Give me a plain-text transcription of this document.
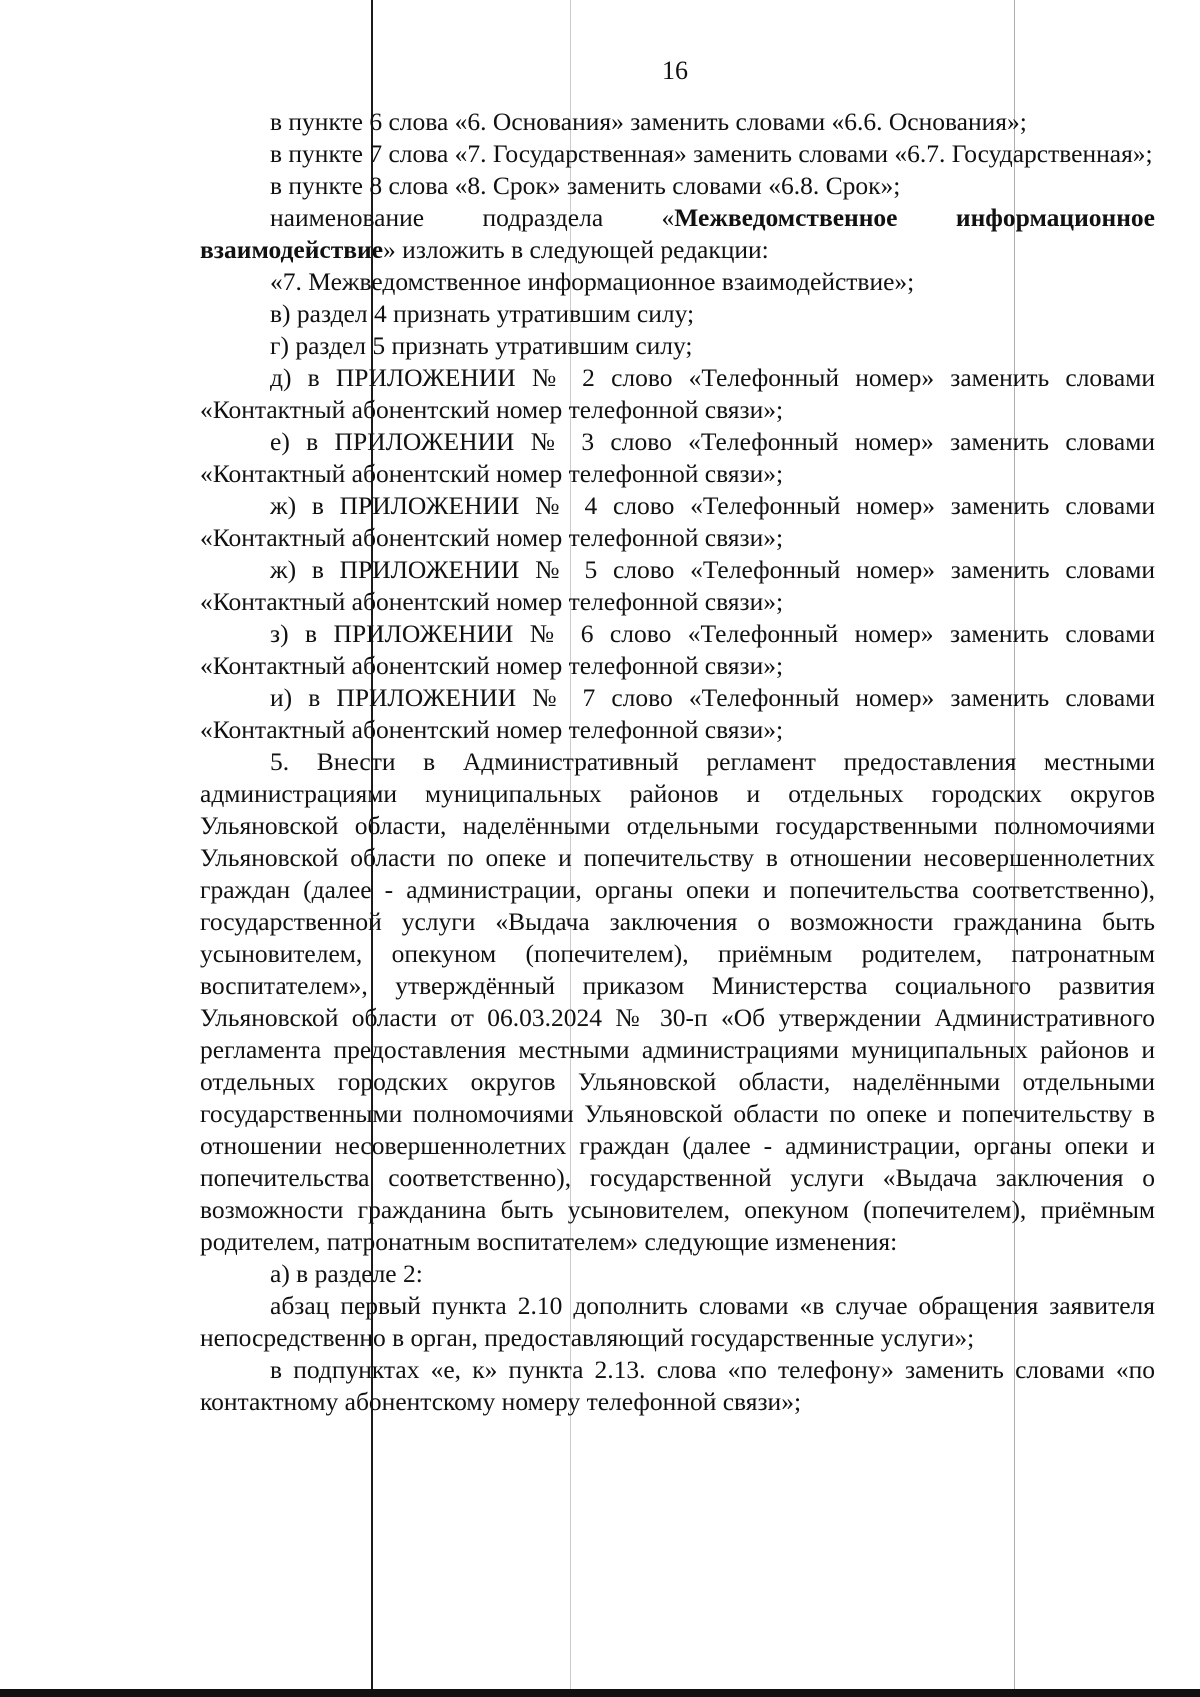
16

в пункте 6 слова «6. Основания» заменить словами «6.6. Основания»;

в пункте 7 слова «7. Государственная» заменить словами «6.7. Государственная»;

в пункте 8 слова «8. Срок» заменить словами «6.8. Срок»;

наименование подраздела «Межведомственное информационное взаимодействие» изложить в следующей редакции:

«7. Межведомственное информационное взаимодействие»;

в) раздел 4 признать утратившим силу;

г) раздел 5 признать утратившим силу;

д) в ПРИЛОЖЕНИИ № 2 слово «Телефонный номер» заменить словами «Контактный абонентский номер телефонной связи»;

е) в ПРИЛОЖЕНИИ № 3 слово «Телефонный номер» заменить словами «Контактный абонентский номер телефонной связи»;

ж) в ПРИЛОЖЕНИИ № 4 слово «Телефонный номер» заменить словами «Контактный абонентский номер телефонной связи»;

ж) в ПРИЛОЖЕНИИ № 5 слово «Телефонный номер» заменить словами «Контактный абонентский номер телефонной связи»;

з) в ПРИЛОЖЕНИИ № 6 слово «Телефонный номер» заменить словами «Контактный абонентский номер телефонной связи»;

и) в ПРИЛОЖЕНИИ № 7 слово «Телефонный номер» заменить словами «Контактный абонентский номер телефонной связи»;

5. Внести в Административный регламент предоставления местными администрациями муниципальных районов и отдельных городских округов Ульяновской области, наделёнными отдельными государственными полномочиями Ульяновской области по опеке и попечительству в отношении несовершеннолетних граждан (далее - администрации, органы опеки и попечительства соответственно), государственной услуги «Выдача заключения о возможности гражданина быть усыновителем, опекуном (попечителем), приёмным родителем, патронатным воспитателем», утверждённый приказом Министерства социального развития Ульяновской области от 06.03.2024 № 30-п «Об утверждении Административного регламента предоставления местными администрациями муниципальных районов и отдельных городских округов Ульяновской области, наделёнными отдельными государственными полномочиями Ульяновской области по опеке и попечительству в отношении несовершеннолетних граждан (далее - администрации, органы опеки и попечительства соответственно), государственной услуги «Выдача заключения о возможности гражданина быть усыновителем, опекуном (попечителем), приёмным родителем, патронатным воспитателем» следующие изменения:

а) в разделе 2:

абзац первый пункта 2.10 дополнить словами «в случае обращения заявителя непосредственно в орган, предоставляющий государственные услуги»;

в подпунктах «е, к» пункта 2.13. слова «по телефону» заменить словами «по контактному абонентскому номеру телефонной связи»;
